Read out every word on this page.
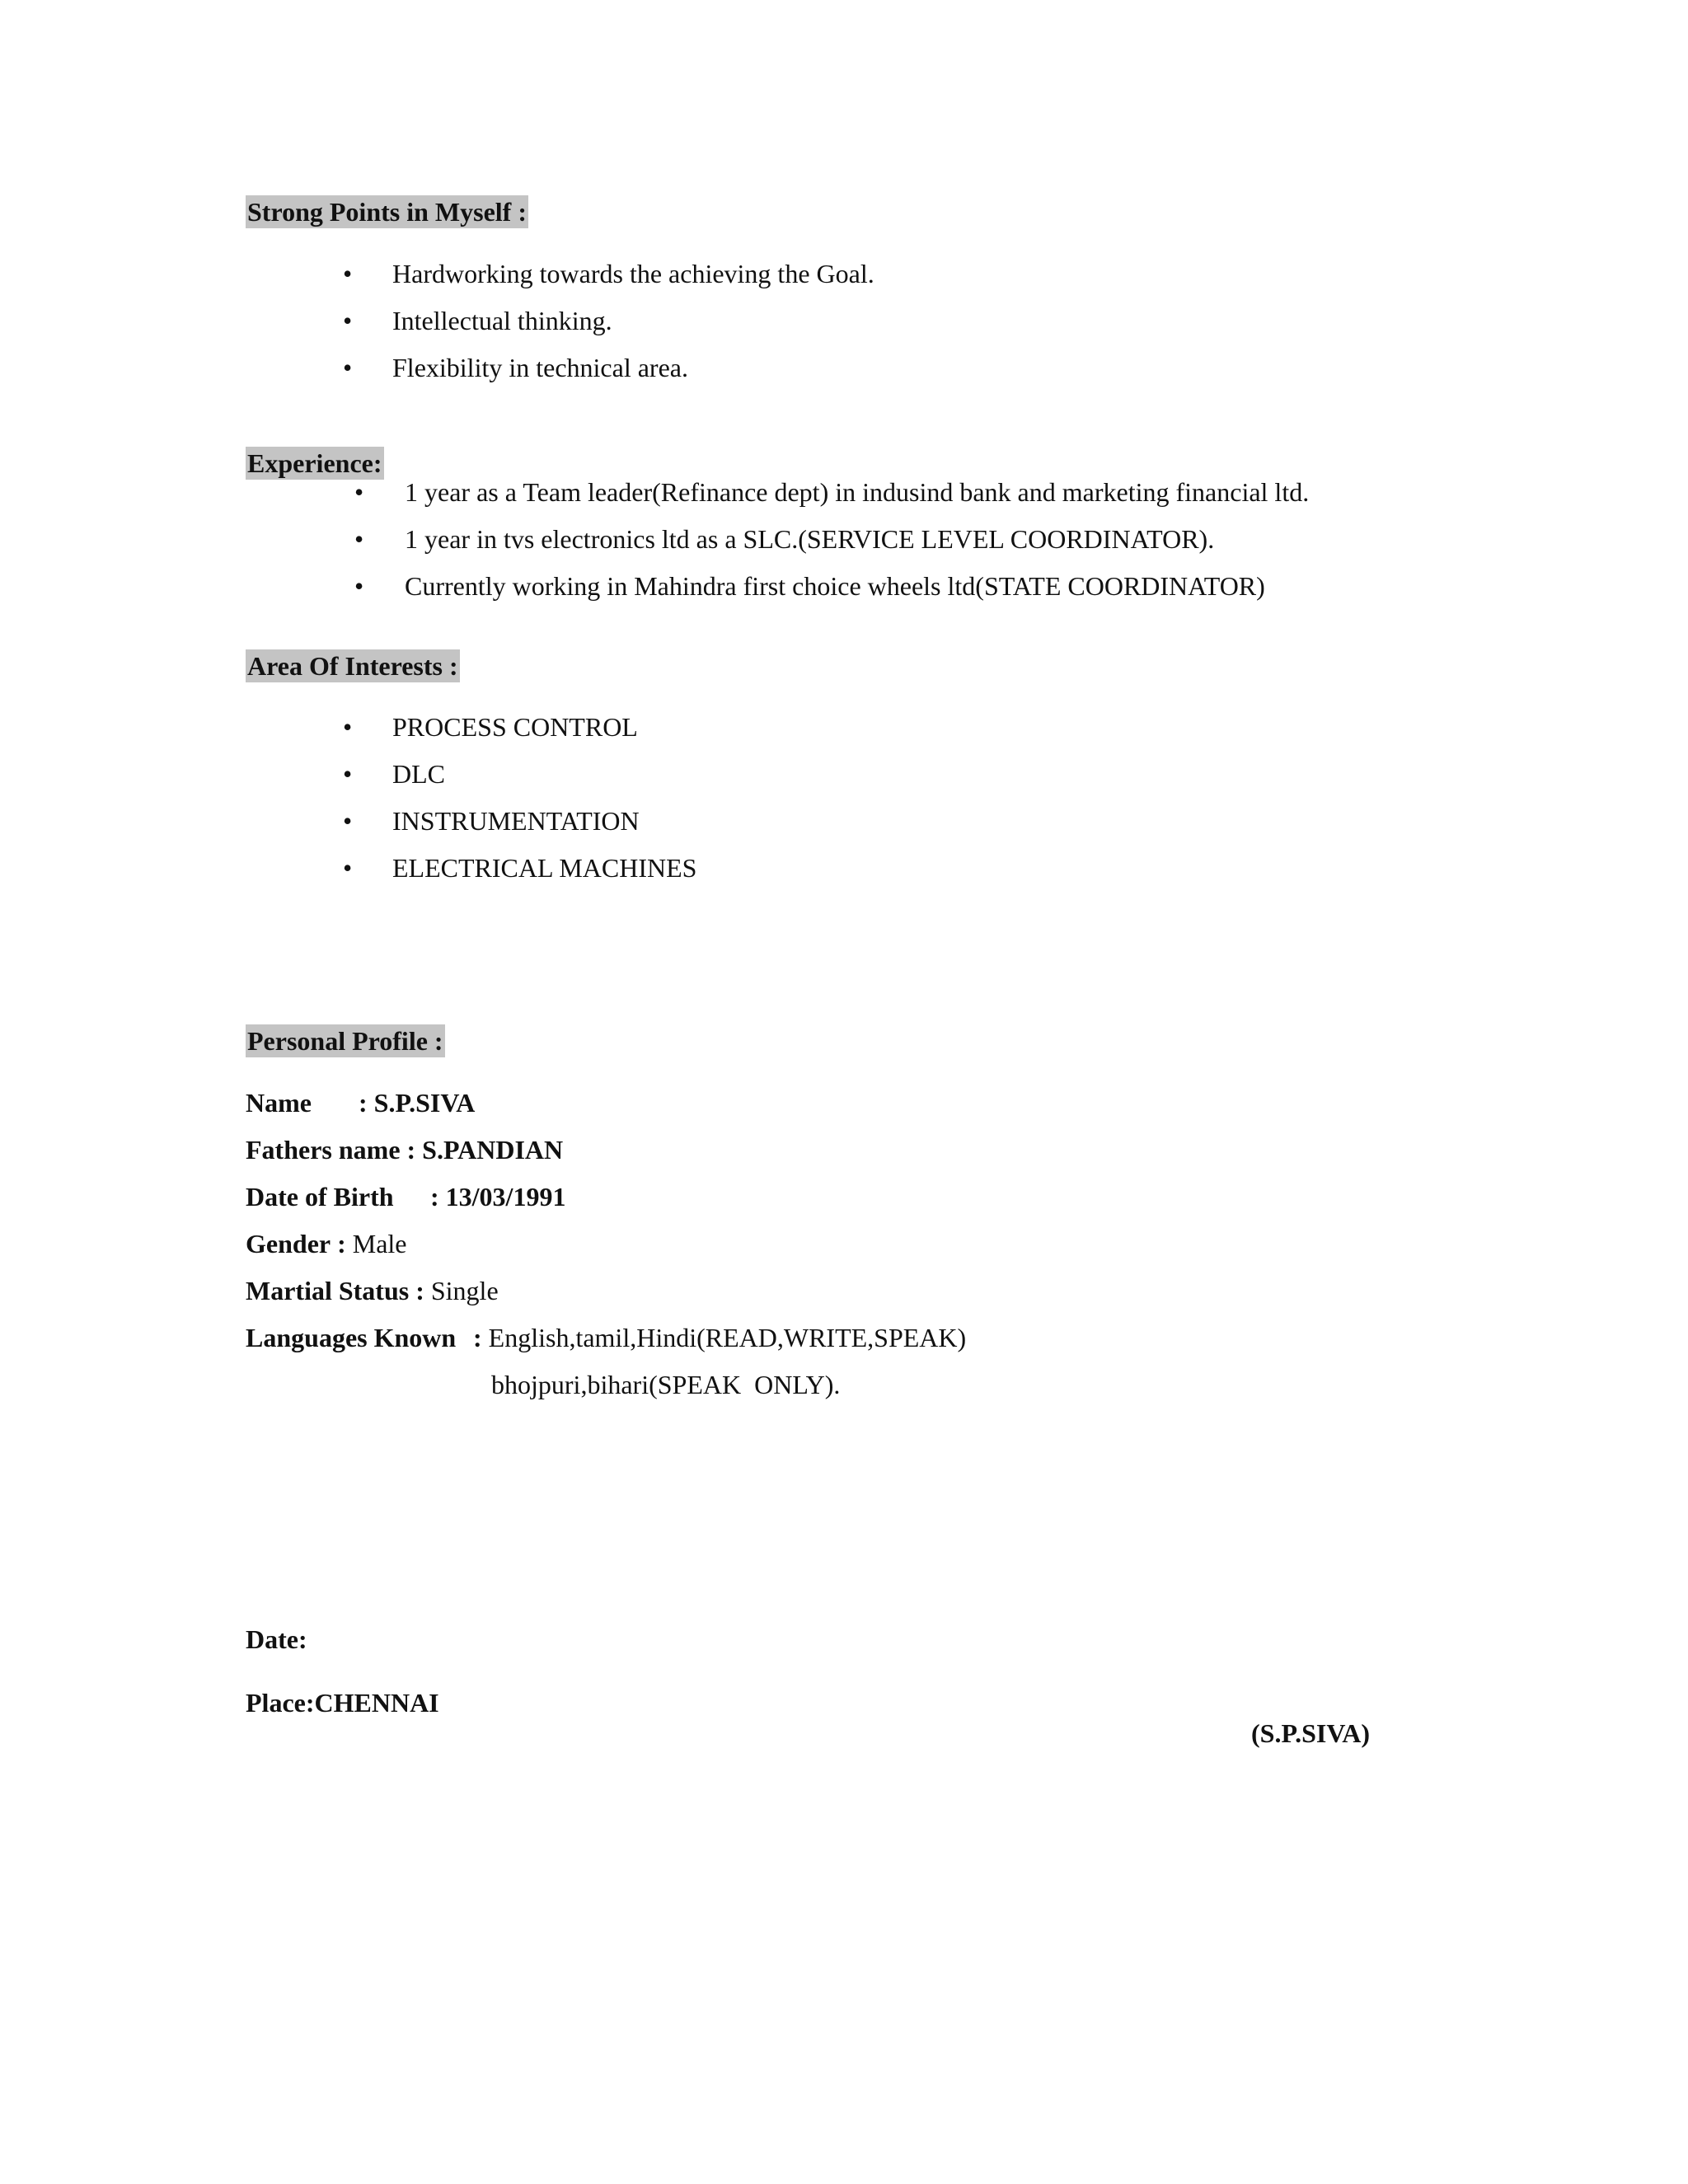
Strong Points in Myself :
• Hardworking towards the achieving the Goal.
• Intellectual thinking.
• Flexibility in technical area.
Experience:
• 1 year as a Team leader(Refinance dept) in indusind bank and marketing financial ltd.
• 1 year in tvs electronics ltd as a SLC.(SERVICE LEVEL COORDINATOR).
• Currently working in Mahindra first choice wheels ltd(STATE COORDINATOR)
Area Of Interests :
• PROCESS CONTROL
• DLC
• INSTRUMENTATION
• ELECTRICAL MACHINES
Personal Profile :
Name : S.P.SIVA
Fathers name : S.PANDIAN
Date of Birth : 13/03/1991
Gender : Male
Martial Status : Single
Languages Known : English,tamil,Hindi(READ,WRITE,SPEAK)
bhojpuri,bihari(SPEAK  ONLY).
Date:
Place:CHENNAI
(S.P.SIVA)
